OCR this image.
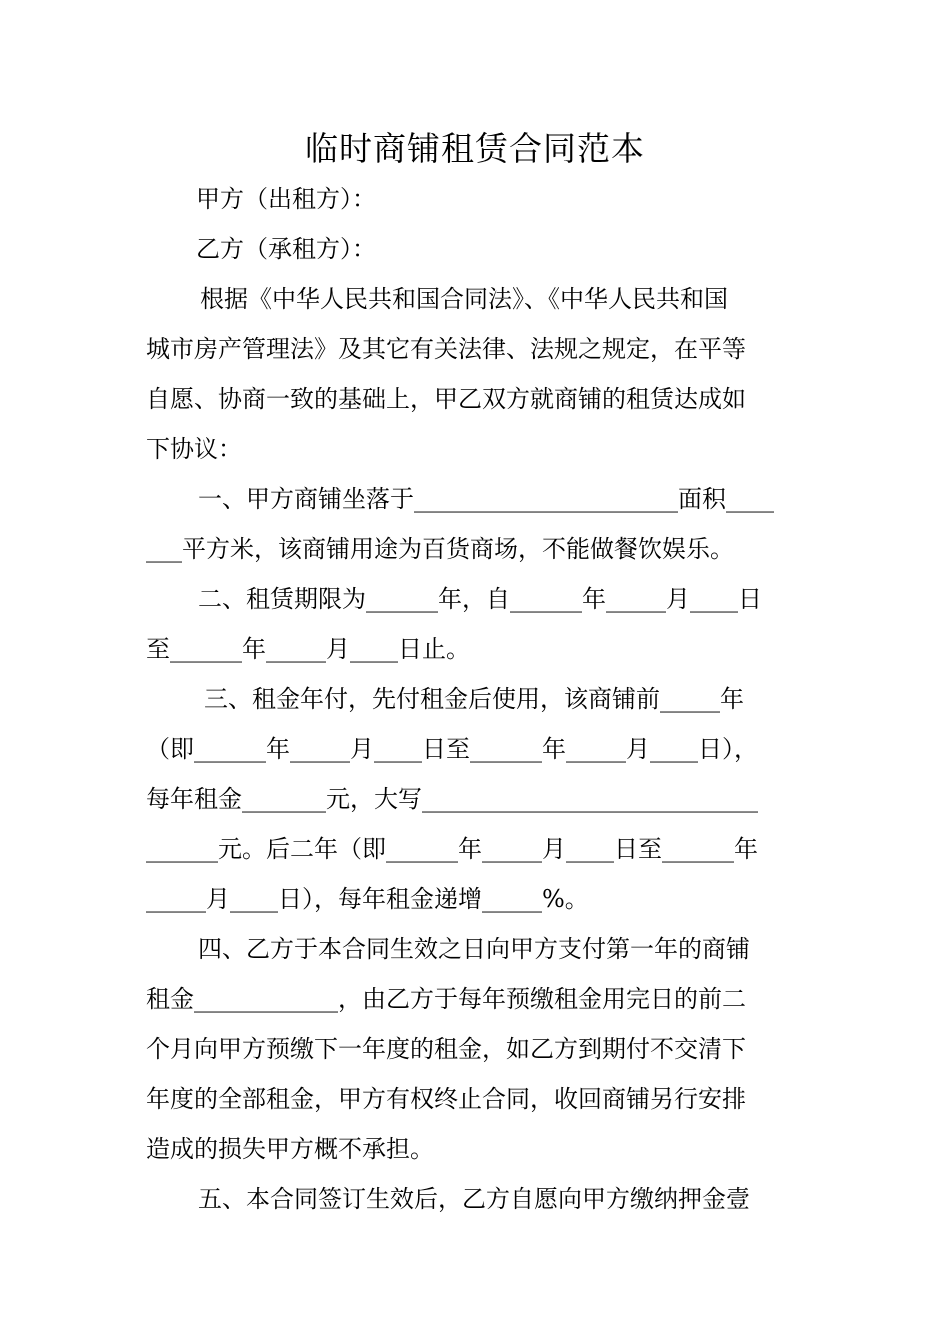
临时商铺租赁合同范本

甲方（出租方）：

乙方（承租方）：

根据《中华人民共和国合同法》、《中华人民共和国

城市房产管理法》及其它有关法律、法规之规定，在平等

自愿、协商一致的基础上，甲乙双方就商铺的租赁达成如

下协议：

一、甲方商铺坐落于______________________面积____

___平方米，该商铺用途为百货商场，不能做餐饮娱乐。

二、租赁期限为______年，自______年_____月____日

至______年_____月____日止。

三、租金年付，先付租金后使用，该商铺前_____年

（即______年_____月____日至______年_____月____日），

每年租金_______元，大写____________________________

______元。后二年（即______年_____月____日至______年

_____月____日），每年租金递增_____%。

四、乙方于本合同生效之日向甲方支付第一年的商铺

租金____________，由乙方于每年预缴租金用完日的前二

个月向甲方预缴下一年度的租金，如乙方到期付不交清下

年度的全部租金，甲方有权终止合同，收回商铺另行安排

造成的损失甲方概不承担。

五、本合同签订生效后，乙方自愿向甲方缴纳押金壹
